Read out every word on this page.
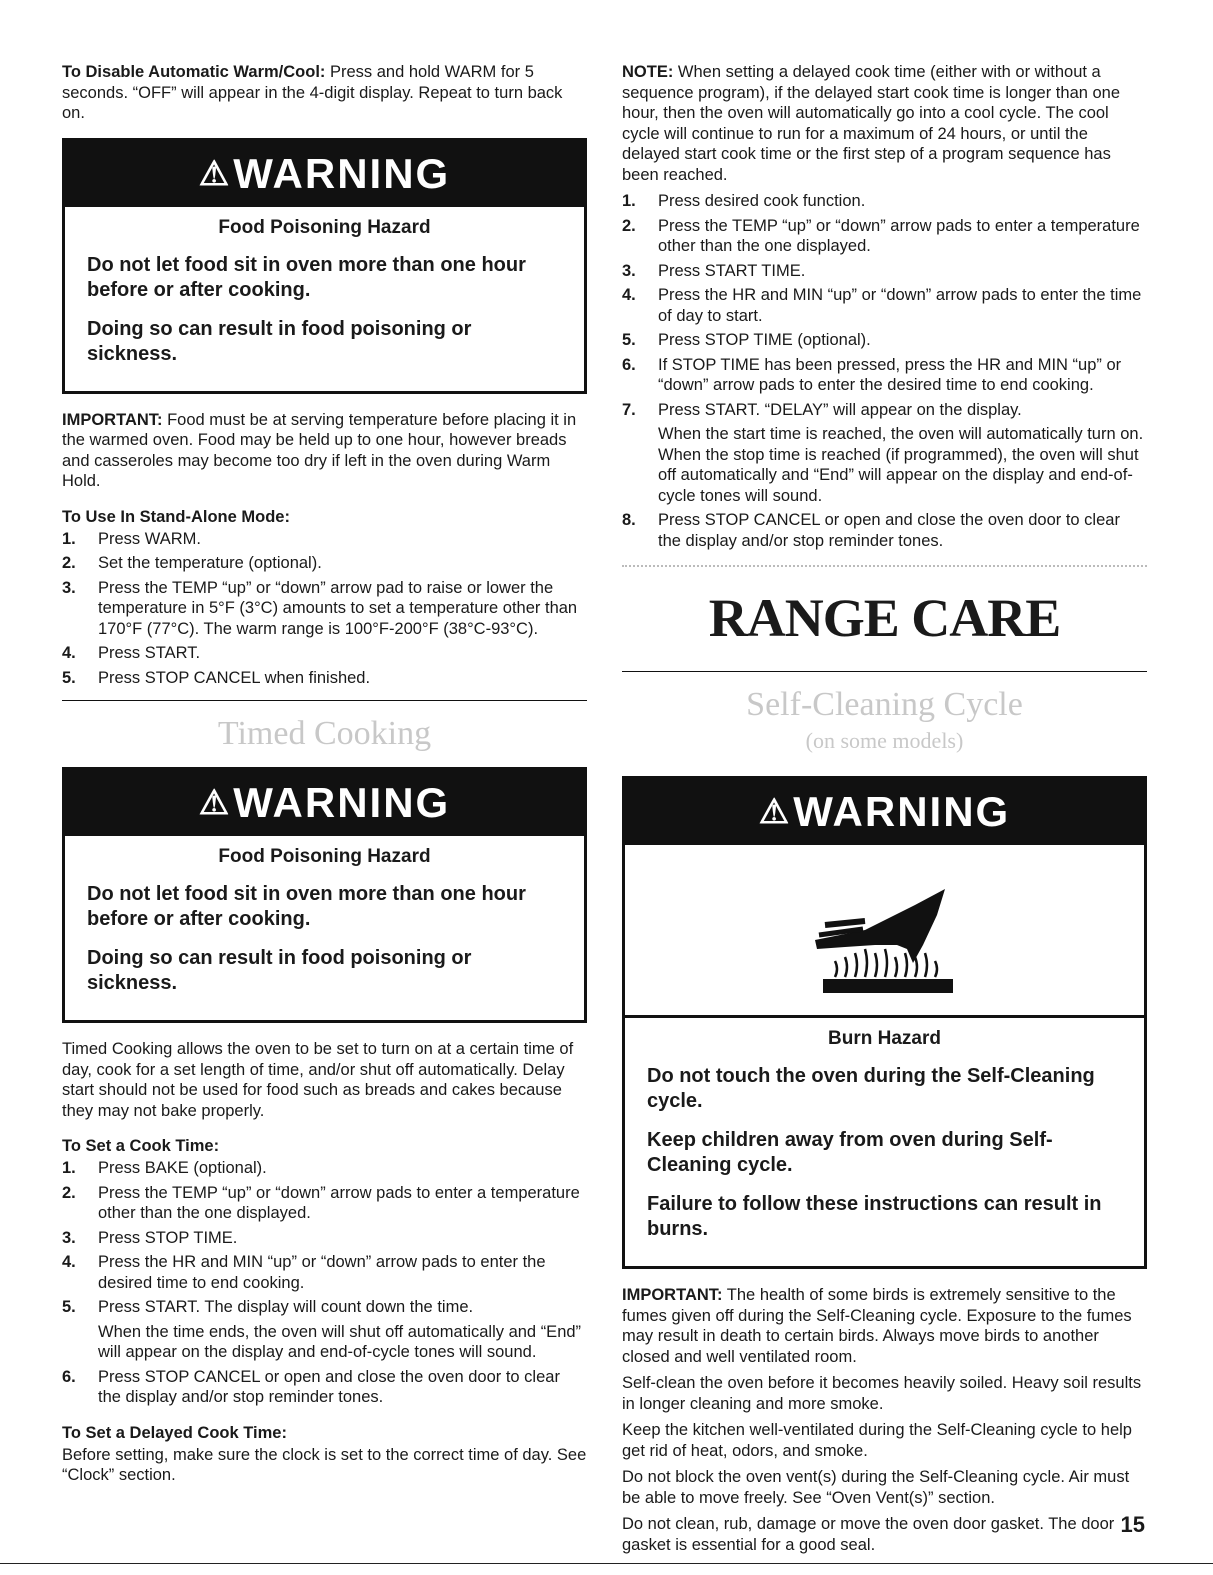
To Disable Automatic Warm/Cool: Press and hold WARM for 5 seconds. “OFF” will appear in the 4-digit display. Repeat to turn back on.

⚠WARNING
Food Poisoning Hazard
Do not let food sit in oven more than one hour before or after cooking.
Doing so can result in food poisoning or sickness.

IMPORTANT: Food must be at serving temperature before placing it in the warmed oven. Food may be held up to one hour, however breads and casseroles may become too dry if left in the oven during Warm Hold.

To Use In Stand-Alone Mode:
1. Press WARM.
2. Set the temperature (optional).
3. Press the TEMP “up” or “down” arrow pad to raise or lower the temperature in 5°F (3°C) amounts to set a temperature other than 170°F (77°C). The warm range is 100°F-200°F (38°C-93°C).
4. Press START.
5. Press STOP CANCEL when finished.
Timed Cooking
⚠WARNING
Food Poisoning Hazard
Do not let food sit in oven more than one hour before or after cooking.
Doing so can result in food poisoning or sickness.

Timed Cooking allows the oven to be set to turn on at a certain time of day, cook for a set length of time, and/or shut off automatically. Delay start should not be used for food such as breads and cakes because they may not bake properly.

To Set a Cook Time:
1. Press BAKE (optional).
2. Press the TEMP “up” or “down” arrow pads to enter a temperature other than the one displayed.
3. Press STOP TIME.
4. Press the HR and MIN “up” or “down” arrow pads to enter the desired time to end cooking.
5. Press START. The display will count down the time.
When the time ends, the oven will shut off automatically and “End” will appear on the display and end-of-cycle tones will sound.
6. Press STOP CANCEL or open and close the oven door to clear the display and/or stop reminder tones.
To Set a Delayed Cook Time:

Before setting, make sure the clock is set to the correct time of day. See “Clock” section.

NOTE: When setting a delayed cook time (either with or without a sequence program), if the delayed start cook time is longer than one hour, then the oven will automatically go into a cool cycle. The cool cycle will continue to run for a maximum of 24 hours, or until the delayed start cook time or the first step of a program sequence has been reached.

1. Press desired cook function.
2. Press the TEMP “up” or “down” arrow pads to enter a temperature other than the one displayed.
3. Press START TIME.
4. Press the HR and MIN “up” or “down” arrow pads to enter the time of day to start.
5. Press STOP TIME (optional).
6. If STOP TIME has been pressed, press the HR and MIN “up” or “down” arrow pads to enter the desired time to end cooking.
7. Press START. “DELAY” will appear on the display.
When the start time is reached, the oven will automatically turn on. When the stop time is reached (if programmed), the oven will shut off automatically and “End” will appear on the display and end-of-cycle tones will sound.
8. Press STOP CANCEL or open and close the oven door to clear the display and/or stop reminder tones.
RANGE CARE
Self-Cleaning Cycle
(on some models)
⚠WARNING
Burn Hazard
Do not touch the oven during the Self-Cleaning cycle.
Keep children away from oven during Self-Cleaning cycle.
Failure to follow these instructions can result in burns.

IMPORTANT: The health of some birds is extremely sensitive to the fumes given off during the Self-Cleaning cycle. Exposure to the fumes may result in death to certain birds. Always move birds to another closed and well ventilated room.

Self-clean the oven before it becomes heavily soiled. Heavy soil results in longer cleaning and more smoke.

Keep the kitchen well-ventilated during the Self-Cleaning cycle to help get rid of heat, odors, and smoke.

Do not block the oven vent(s) during the Self-Cleaning cycle. Air must be able to move freely. See “Oven Vent(s)” section.

Do not clean, rub, damage or move the oven door gasket. The door gasket is essential for a good seal.

15
